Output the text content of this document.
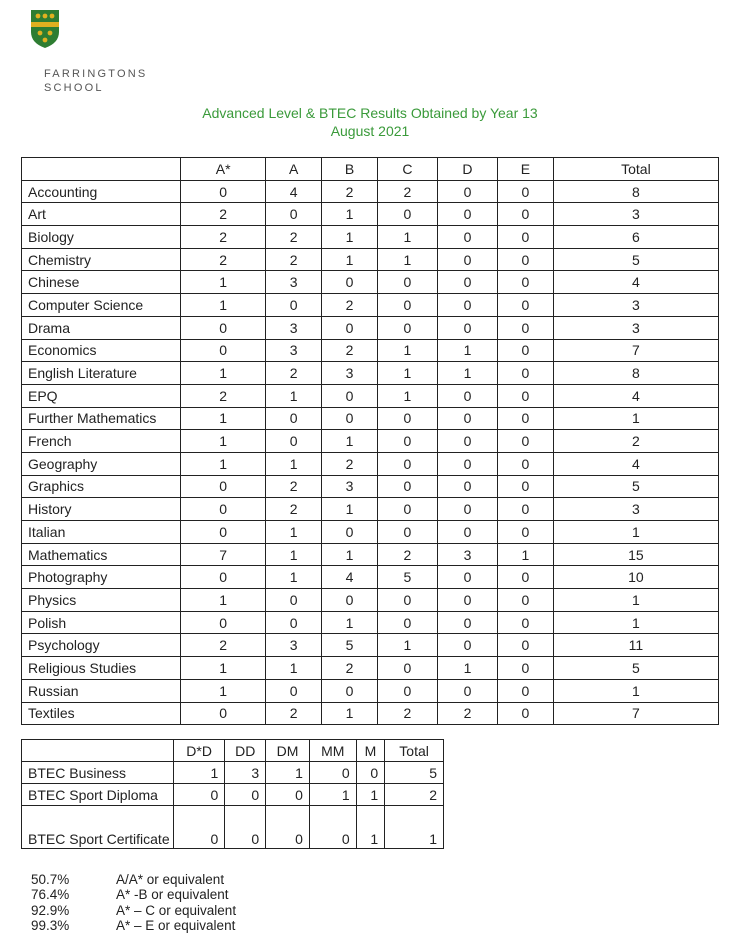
FARRINGTONS
SCHOOL
Advanced Level & BTEC Results Obtained by Year 13
August 2021
	A*	A	B	C	D	E	Total
Accounting	0	4	2	2	0	0	8
Art	2	0	1	0	0	0	3
Biology	2	2	1	1	0	0	6
Chemistry	2	2	1	1	0	0	5
Chinese	1	3	0	0	0	0	4
Computer Science	1	0	2	0	0	0	3
Drama	0	3	0	0	0	0	3
Economics	0	3	2	1	1	0	7
English Literature	1	2	3	1	1	0	8
EPQ	2	1	0	1	0	0	4
Further Mathematics	1	0	0	0	0	0	1
French	1	0	1	0	0	0	2
Geography	1	1	2	0	0	0	4
Graphics	0	2	3	0	0	0	5
History	0	2	1	0	0	0	3
Italian	0	1	0	0	0	0	1
Mathematics	7	1	1	2	3	1	15
Photography	0	1	4	5	0	0	10
Physics	1	0	0	0	0	0	1
Polish	0	0	1	0	0	0	1
Psychology	2	3	5	1	0	0	11
Religious Studies	1	1	2	0	1	0	5
Russian	1	0	0	0	0	0	1
Textiles	0	2	1	2	2	0	7
	D*D	DD	DM	MM	M	Total
BTEC Business	1	3	1	0	0	5
BTEC Sport Diploma	0	0	0	1	1	2
BTEC Sport Certificate	0	0	0	0	1	1
50.7%	A/A* or equivalent
76.4%	A* -B or equivalent
92.9%	A* – C or equivalent
99.3%	A* – E or equivalent
